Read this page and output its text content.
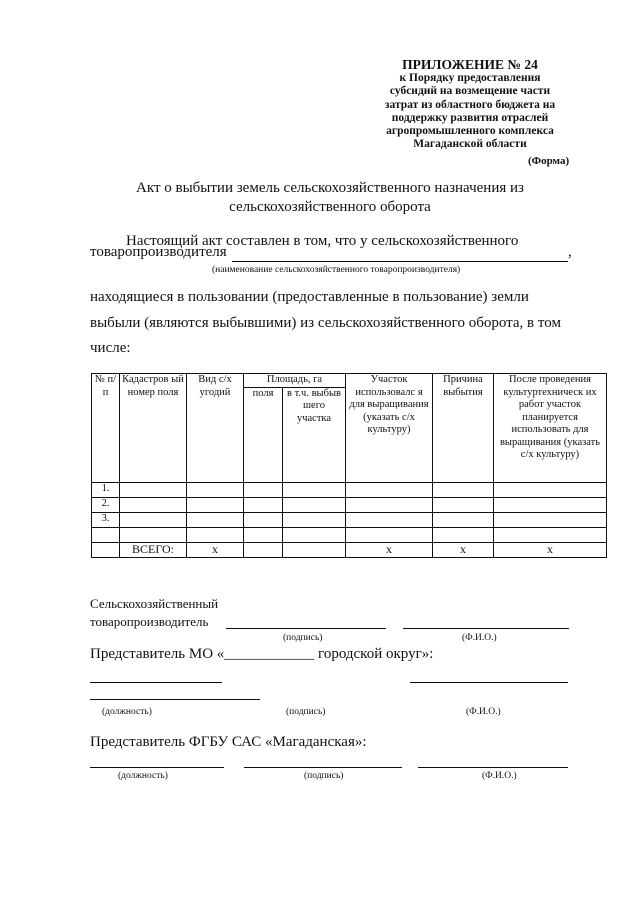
ПРИЛОЖЕНИЕ № 24
к Порядку предоставления
субсидий на возмещение части
затрат из областного бюджета на
поддержку развития отраслей
агропромышленного комплекса
Магаданской области
(Форма)
Акт о выбытии земель сельскохозяйственного назначения из
сельскохозяйственного оборота
Настоящий акт составлен в том, что у сельскохозяйственного
товаропроизводителя	,
(наименование сельскохозяйственного товаропроизводителя)
находящиеся в пользовании (предоставленные в пользование) земли
выбыли (являются выбывшими) из сельскохозяйственного оборота, в том
числе:
№ п/п	Кадастров ый номер поля	Вид с/х угодий	Площадь, га		Участок использовалс я для выращивания (указать с/х культуру)	Причина выбытия	После проведения культуртехническ их работ участок планируется использовать для выращивания (указать с/х культуру)
			поля	в т.ч. выбыв шего участка			
1.							
2.							
3.							

	ВСЕГО:	х			х	х	х
Сельскохозяйственный
товаропроизводитель
(подпись)	(Ф.И.О.)
Представитель МО «____________ городской округ»:
(должность)	(подпись)	(Ф.И.О.)
Представитель ФГБУ САС «Магаданская»:
(должность)	(подпись)	(Ф.И.О.)
